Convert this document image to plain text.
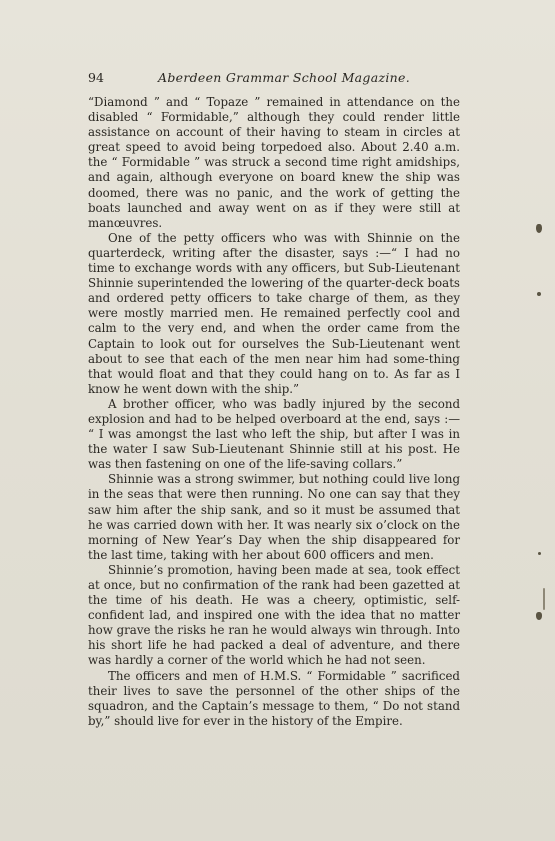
94	Aberdeen Grammar School Magazine.

“Diamond ” and “ Topaze ” remained in attendance on the disabled “ Formidable,” although they could render little assistance on account of their having to steam in circles at great speed to avoid being torpedoed also. About 2.40 a.m. the “ Formidable ” was struck a second time right amidships, and again, although everyone on board knew the ship was doomed, there was no panic, and the work of getting the boats launched and away went on as if they were still at manœuvres.

One of the petty officers who was with Shinnie on the quarterdeck, writing after the disaster, says :—“ I had no time to exchange words with any officers, but Sub-Lieutenant Shinnie superintended the lowering of the quarter-deck boats and ordered petty officers to take charge of them, as they were mostly married men. He remained perfectly cool and calm to the very end, and when the order came from the Captain to look out for ourselves the Sub-Lieutenant went about to see that each of the men near him had some-thing that would float and that they could hang on to. As far as I know he went down with the ship.”

A brother officer, who was badly injured by the second explosion and had to be helped overboard at the end, says :— “ I was amongst the last who left the ship, but after I was in the water I saw Sub-Lieutenant Shinnie still at his post. He was then fastening on one of the life-saving collars.”

Shinnie was a strong swimmer, but nothing could live long in the seas that were then running. No one can say that they saw him after the ship sank, and so it must be assumed that he was carried down with her. It was nearly six o’clock on the morning of New Year’s Day when the ship disappeared for the last time, taking with her about 600 officers and men.

Shinnie’s promotion, having been made at sea, took effect at once, but no confirmation of the rank had been gazetted at the time of his death. He was a cheery, optimistic, self-confident lad, and inspired one with the idea that no matter how grave the risks he ran he would always win through. Into his short life he had packed a deal of adventure, and there was hardly a corner of the world which he had not seen.

The officers and men of H.M.S. “ Formidable ” sacrificed their lives to save the personnel of the other ships of the squadron, and the Captain’s message to them, “ Do not stand by,” should live for ever in the history of the Empire.
